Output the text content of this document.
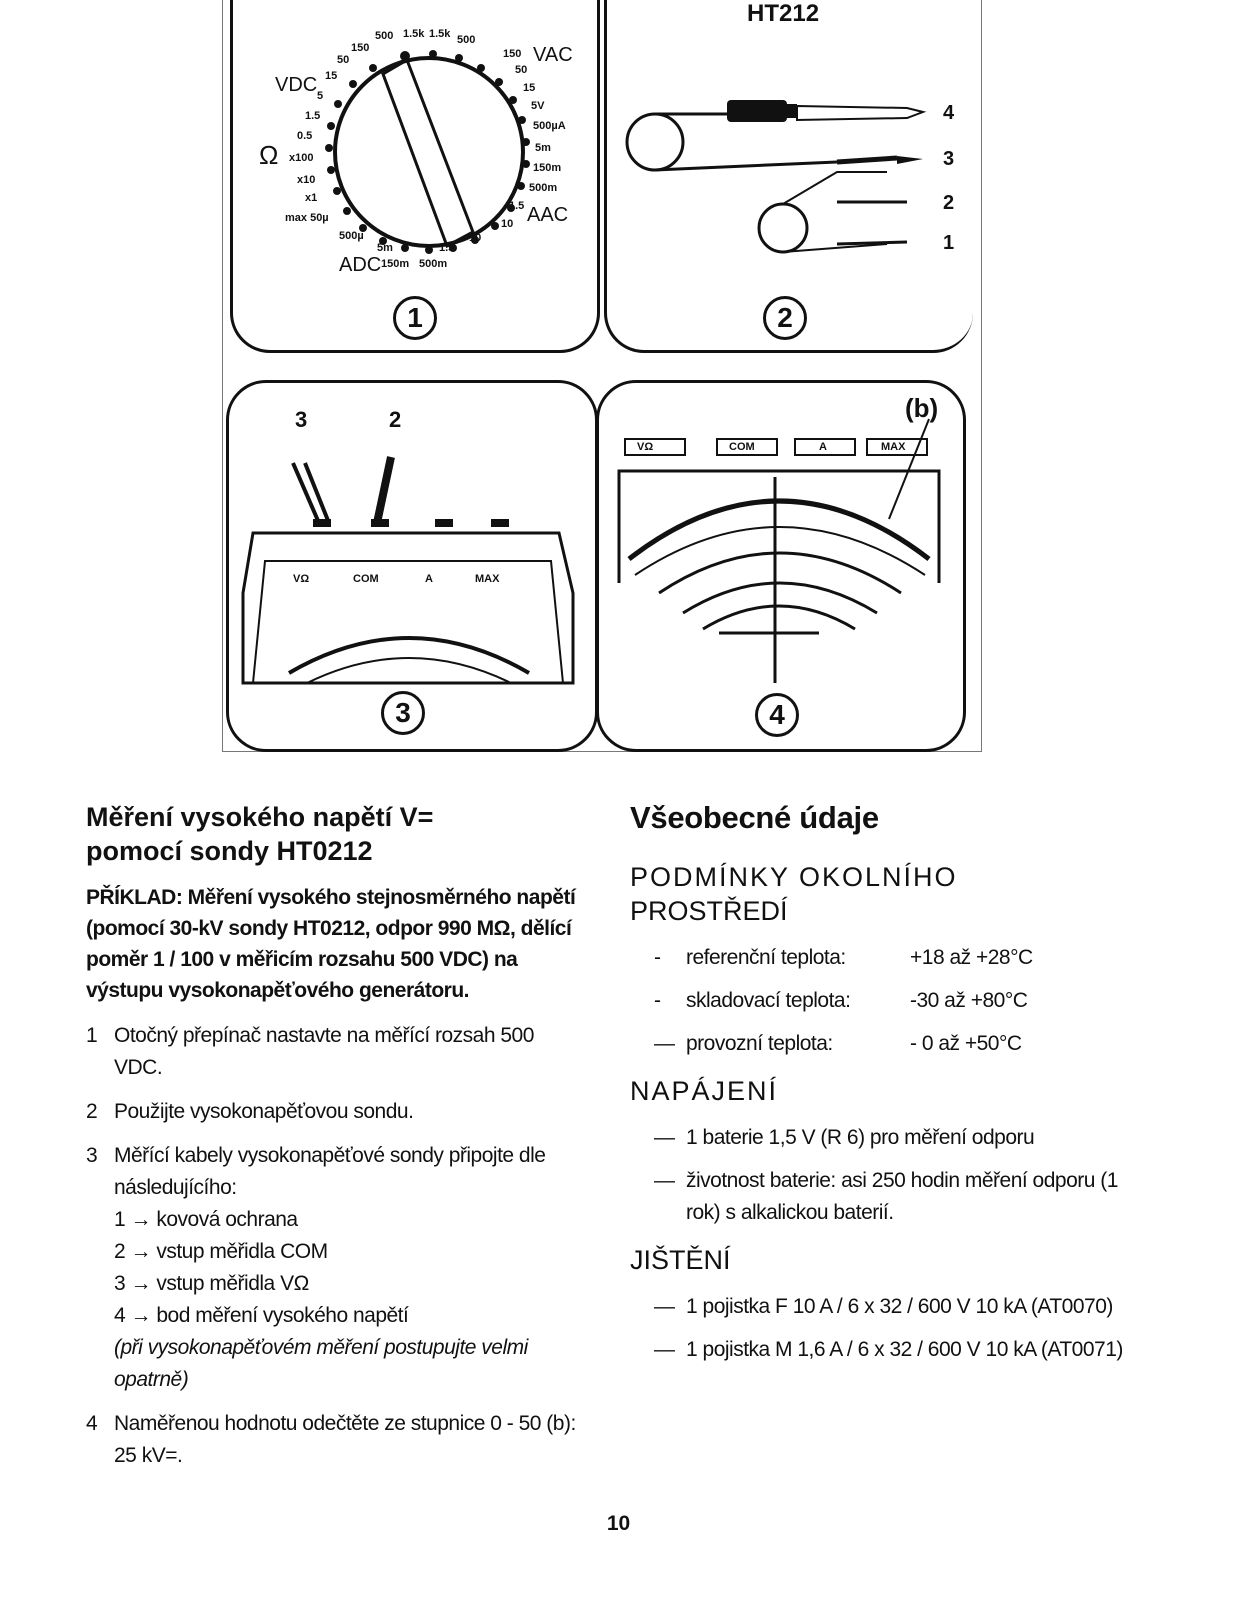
VDC
VAC
Ω
AAC
ADC
500 1.5k 1.5k 500
150
50	150
50
15
5
15
5V
1.5
0.5
x100
x10
x1
max 50µ
500µA
5m
150m
500m
1.5
10
500µ
5m
150m 500m
1.5
10
1
HT212
4
3
2
1
2
3	2
VΩ	COM	A	MAX
3
(b)
VΩ	COM	A	MAX
4
Měření vysokého napětí V=
pomocí sondy HT0212

PŘÍKLAD: Měření vysokého stejnosměrného napětí (pomocí 30-kV sondy HT0212, odpor 990 MΩ, dělící poměr 1 / 100 v měřicím rozsahu 500 VDC) na výstupu vysokonapěťového generátoru.

1 Otočný přepínač nastavte na měřící rozsah 500 VDC.
2 Použijte vysokonapěťovou sondu.
3 Měřící kabely vysokonapěťové sondy připojte dle následujícího:
1 → kovová ochrana
2 → vstup měřidla COM
3 → vstup měřidla VΩ
4 → bod měření vysokého napětí
(při vysokonapěťovém měření postupujte velmi opatrně)
4 Naměřenou hodnotu odečtěte ze stupnice 0 - 50 (b): 25 kV=.
Všeobecné údaje
PODMÍNKY OKOLNÍHO
PROSTŘEDÍ
- referenční teplota:	+18 až +28°C
- skladovací teplota:	-30 až +80°C
— provozní teplota:	- 0 až +50°C
NAPÁJENÍ
— 1 baterie 1,5 V (R 6) pro měření odporu
— životnost baterie: asi 250 hodin měření odporu (1 rok) s alkalickou baterií.
JIŠTĚNÍ
— 1 pojistka F 10 A / 6 x 32 / 600 V 10 kA (AT0070)
— 1 pojistka M 1,6 A / 6 x 32 / 600 V 10 kA (AT0071)
10
